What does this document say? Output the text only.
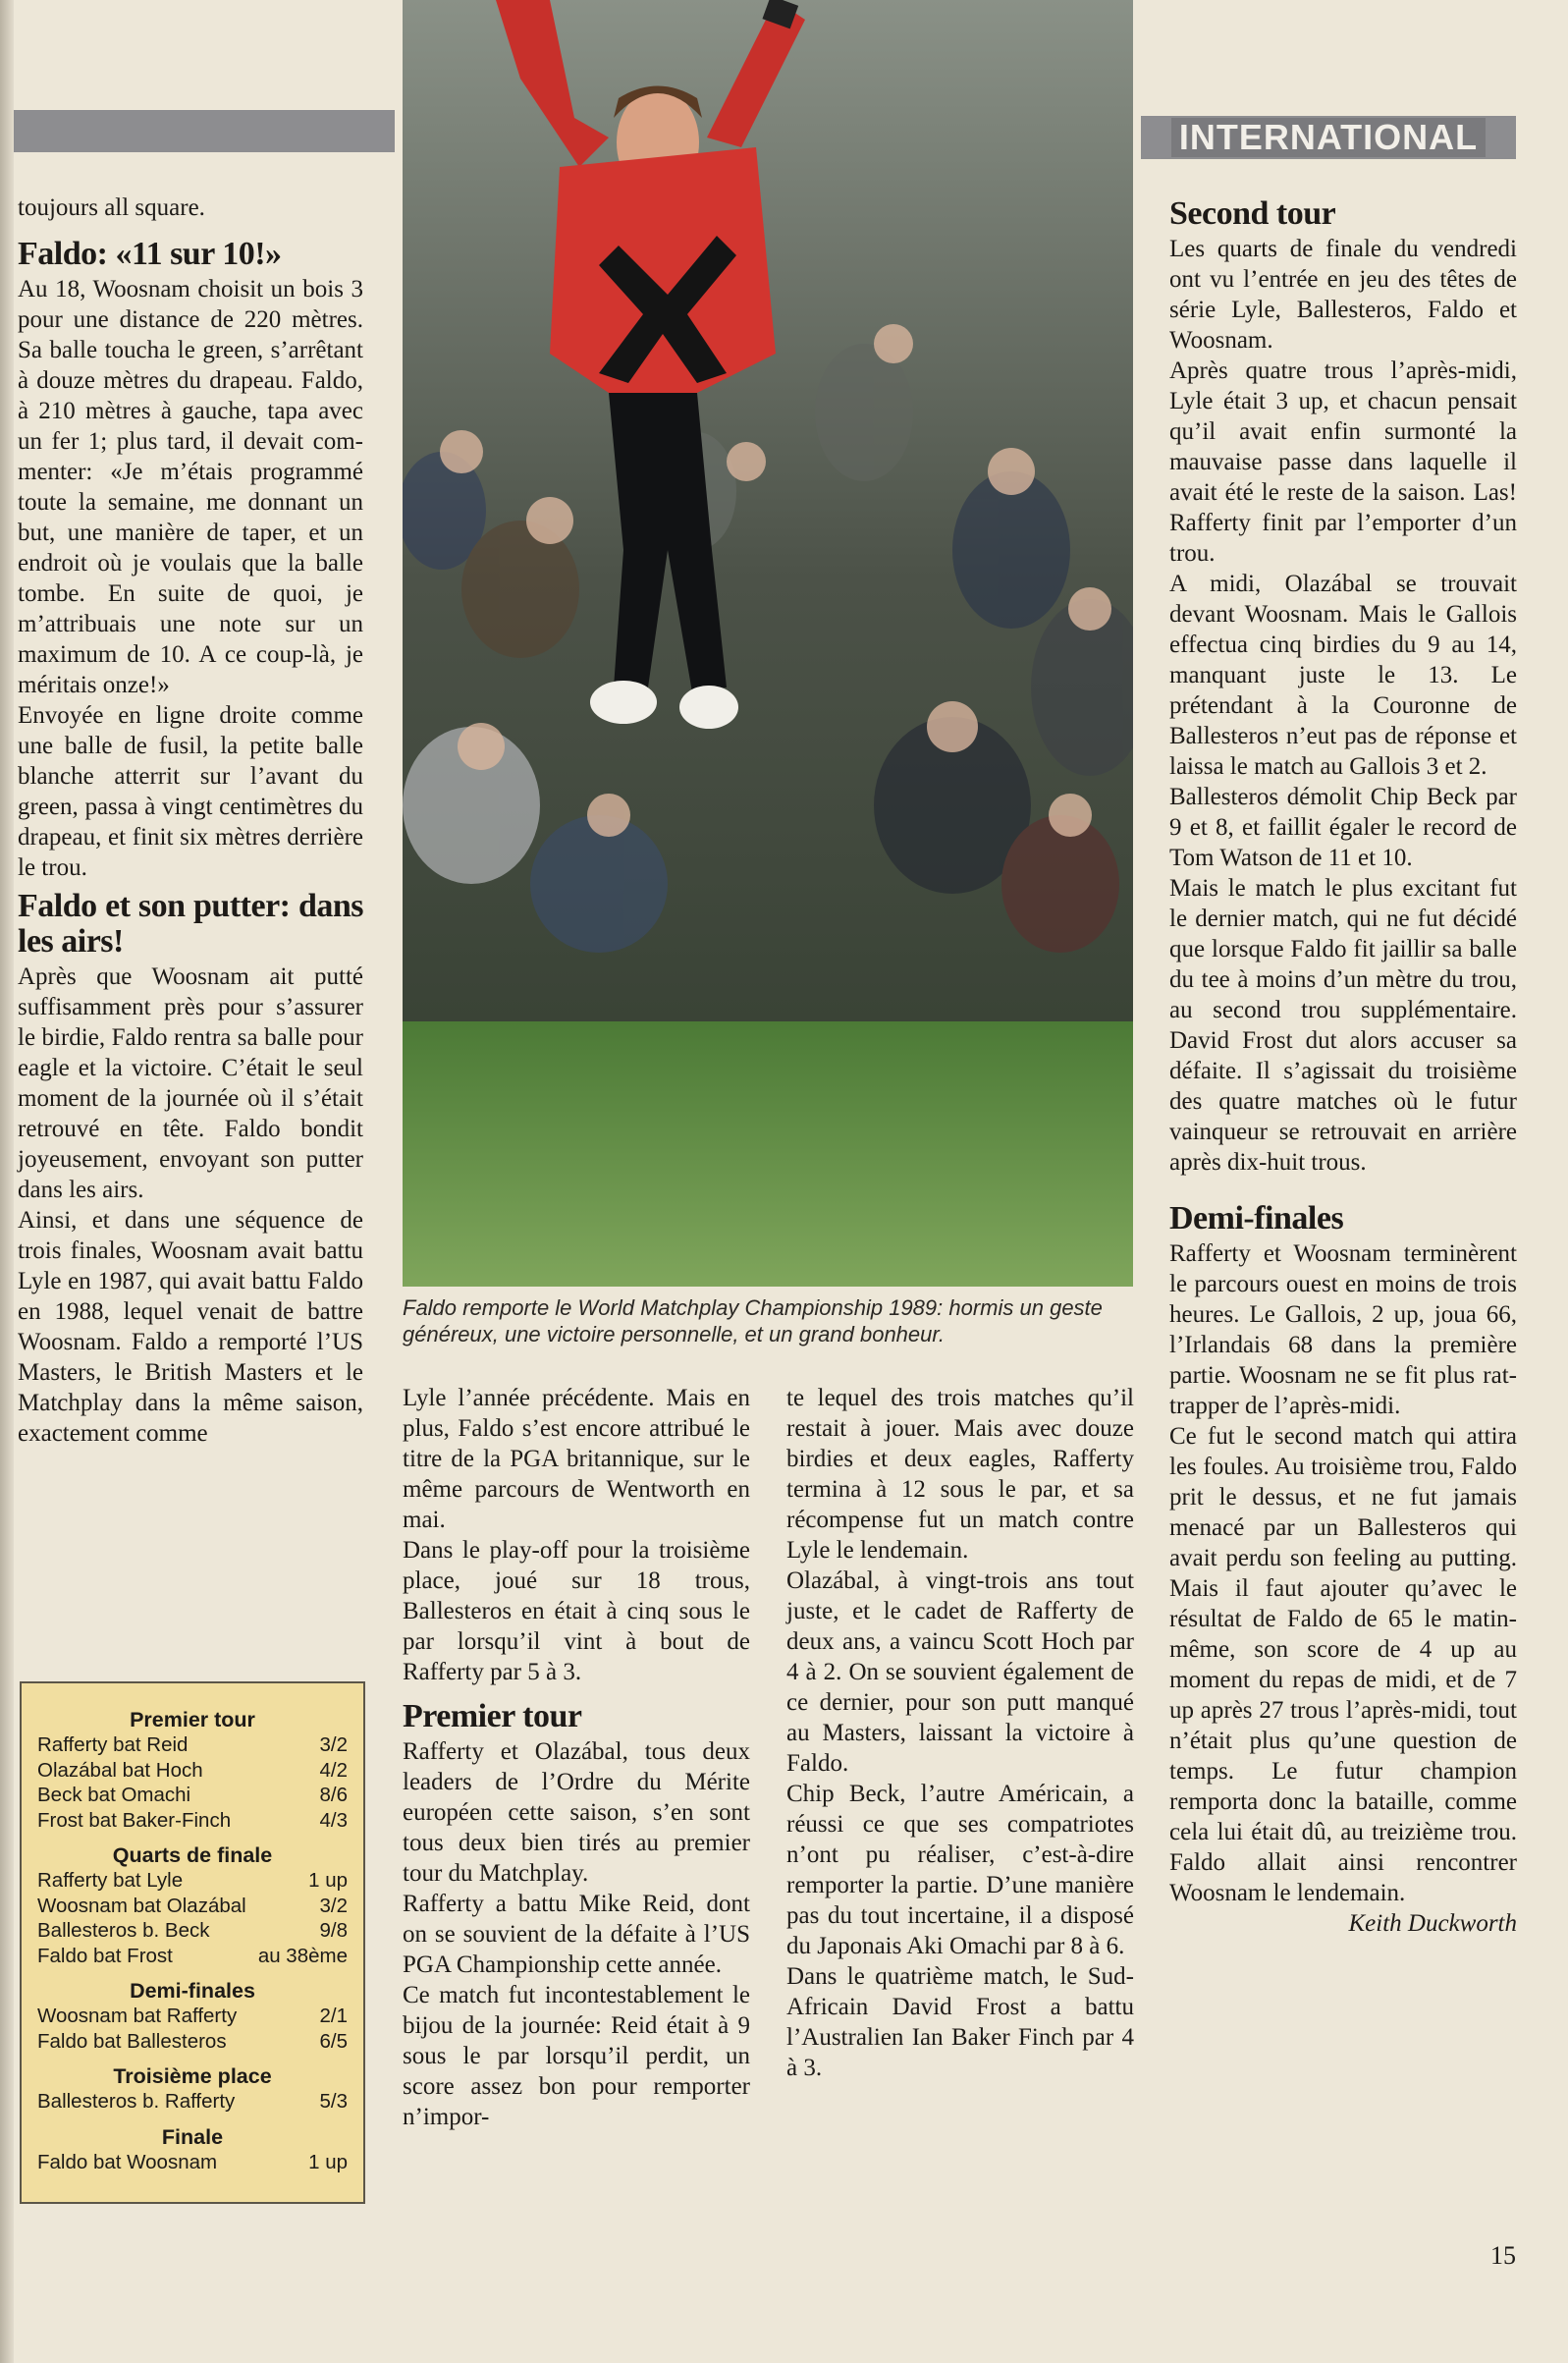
INTERNATIONAL

toujours all square.

Faldo: «11 sur 10!»

Au 18, Woosnam choisit un bois 3 pour une distance de 220 mètres. Sa balle toucha le green, s’arrêtant à douze mètres du drapeau. Faldo, à 210 mètres à gauche, tapa avec un fer 1; plus tard, il devait commenter: «Je m’étais programmé toute la semaine, me donnant un but, une manière de taper, et un endroit où je voulais que la balle tombe. En suite de quoi, je m’attribuais une note sur un maximum de 10. A ce coup-là, je méritais onze!»

Envoyée en ligne droite comme une balle de fusil, la petite balle blanche atterrit sur l’avant du green, passa à vingt centimètres du drapeau, et finit six mètres derrière le trou.

Faldo et son putter: dans les airs!

Après que Woosnam ait putté suffisamment près pour s’assurer le birdie, Faldo rentra sa balle pour eagle et la victoire. C’était le seul moment de la journée où il s’était retrouvé en tête. Faldo bondit joyeusement, envoyant son putter dans les airs.

Ainsi, et dans une séquence de trois finales, Woosnam avait battu Lyle en 1987, qui avait battu Faldo en 1988, lequel venait de battre Woosnam. Faldo a remporté l’US Masters, le British Masters et le Matchplay dans la même saison, exactement comme

Faldo remporte le World Matchplay Championship 1989: hormis un geste généreux, une victoire personnelle, et un grand bonheur.
Premier tour
Rafferty bat Reid	3/2
Olazábal bat Hoch	4/2
Beck bat Omachi	8/6
Frost bat Baker-Finch	4/3
Quarts de finale
Rafferty bat Lyle	1 up
Woosnam bat Olazábal	3/2
Ballesteros b. Beck	9/8
Faldo bat Frost	au 38ème
Demi-finales
Woosnam bat Rafferty	2/1
Faldo bat Ballesteros	6/5
Troisième place
Ballesteros b. Rafferty	5/3
Finale
Faldo bat Woosnam	1 up

Lyle l’année précédente. Mais en plus, Faldo s’est encore attribué le titre de la PGA britannique, sur le même parcours de Wentworth en mai.

Dans le play-off pour la troisième place, joué sur 18 trous, Ballesteros en était à cinq sous le par lorsqu’il vint à bout de Rafferty par 5 à 3.

Premier tour

Rafferty et Olazábal, tous deux leaders de l’Ordre du Mérite européen cette saison, s’en sont tous deux bien tirés au premier tour du Matchplay.

Rafferty a battu Mike Reid, dont on se souvient de la défaite à l’US PGA Championship cette année.

Ce match fut incontestablement le bijou de la journée: Reid était à 9 sous le par lorsqu’il perdit, un score assez bon pour remporter n’impor-

te lequel des trois matches qu’il restait à jouer. Mais avec douze birdies et deux eagles, Rafferty termina à 12 sous le par, et sa récompense fut un match contre Lyle le lendemain.

Olazábal, à vingt-trois ans tout juste, et le cadet de Rafferty de deux ans, a vaincu Scott Hoch par 4 à 2. On se souvient également de ce dernier, pour son putt manqué au Masters, laissant la victoire à Faldo.

Chip Beck, l’autre Américain, a réussi ce que ses compatriotes n’ont pu réaliser, c’est-à-dire remporter la partie. D’une manière pas du tout incertaine, il a disposé du Japonais Aki Omachi par 8 à 6.

Dans le quatrième match, le Sud-Africain David Frost a battu l’Australien Ian Baker Finch par 4 à 3.

Second tour

Les quarts de finale du vendredi ont vu l’entrée en jeu des têtes de série Lyle, Ballesteros, Faldo et Woosnam.

Après quatre trous l’après-midi, Lyle était 3 up, et chacun pensait qu’il avait enfin surmonté la mauvaise passe dans laquelle il avait été le reste de la saison. Las! Rafferty finit par l’emporter d’un trou.

A midi, Olazábal se trouvait devant Woosnam. Mais le Gallois effectua cinq birdies du 9 au 14, manquant juste le 13. Le prétendant à la Couronne de Ballesteros n’eut pas de réponse et laissa le match au Gallois 3 et 2.

Ballesteros démolit Chip Beck par 9 et 8, et faillit égaler le record de Tom Watson de 11 et 10.

Mais le match le plus excitant fut le dernier match, qui ne fut décidé que lorsque Faldo fit jaillir sa balle du tee à moins d’un mètre du trou, au second trou supplémentaire. David Frost dut alors accuser sa défaite. Il s’agissait du troisième des quatre matches où le futur vainqueur se retrouvait en arrière après dix-huit trous.

Demi-finales

Rafferty et Woosnam terminèrent le parcours ouest en moins de trois heures. Le Gallois, 2 up, joua 66, l’Irlandais 68 dans la première partie. Woosnam ne se fit plus rattrapper de l’après-midi.

Ce fut le second match qui attira les foules. Au troisième trou, Faldo prit le dessus, et ne fut jamais menacé par un Ballesteros qui avait perdu son feeling au putting. Mais il faut ajouter qu’avec le résultat de Faldo de 65 le matinmême, son score de 4 up au moment du repas de midi, et de 7 up après 27 trous l’après-midi, tout n’était plus qu’une question de temps. Le futur champion remporta donc la bataille, comme cela lui était dû, au treizième trou. Faldo allait ainsi rencontrer Woosnam le lendemain.

Keith Duckworth

15
